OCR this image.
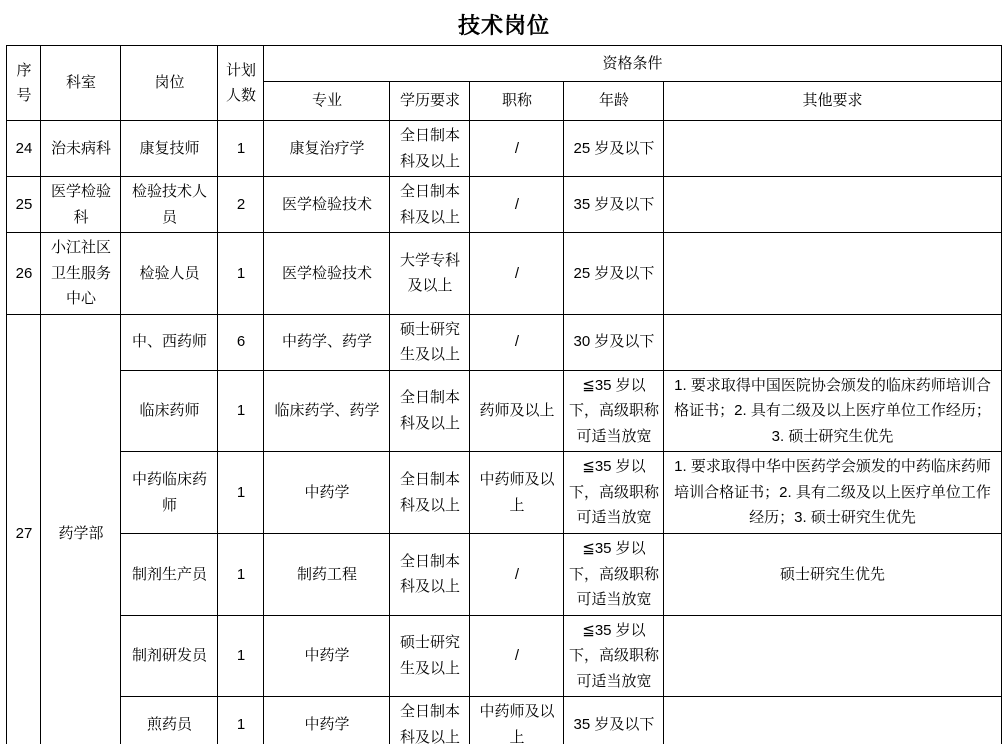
技术岗位
序号	科室	岗位	计划人数	资格条件				
				专业	学历要求	职称	年龄	其他要求
24	治未病科	康复技师	1	康复治疗学	全日制本科及以上	/	25 岁及以下	
25	医学检验科	检验技术人员	2	医学检验技术	全日制本科及以上	/	35 岁及以下	
26	小江社区卫生服务中心	检验人员	1	医学检验技术	大学专科及以上	/	25 岁及以下	
27	药学部	中、西药师	6	中药学、药学	硕士研究生及以上	/	30 岁及以下	
		临床药师	1	临床药学、药学	全日制本科及以上	药师及以上	≦35 岁以下，高级职称可适当放宽	1. 要求取得中国医院协会颁发的临床药师培训合格证书；2. 具有二级及以上医疗单位工作经历；3. 硕士研究生优先
		中药临床药师	1	中药学	全日制本科及以上	中药师及以上	≦35 岁以下，高级职称可适当放宽	1. 要求取得中华中医药学会颁发的中药临床药师培训合格证书；2. 具有二级及以上医疗单位工作经历；3. 硕士研究生优先
		制剂生产员	1	制药工程	全日制本科及以上	/	≦35 岁以下，高级职称可适当放宽	硕士研究生优先
		制剂研发员	1	中药学	硕士研究生及以上	/	≦35 岁以下，高级职称可适当放宽	
		煎药员	1	中药学	全日制本科及以上	中药师及以上	35 岁及以下	
